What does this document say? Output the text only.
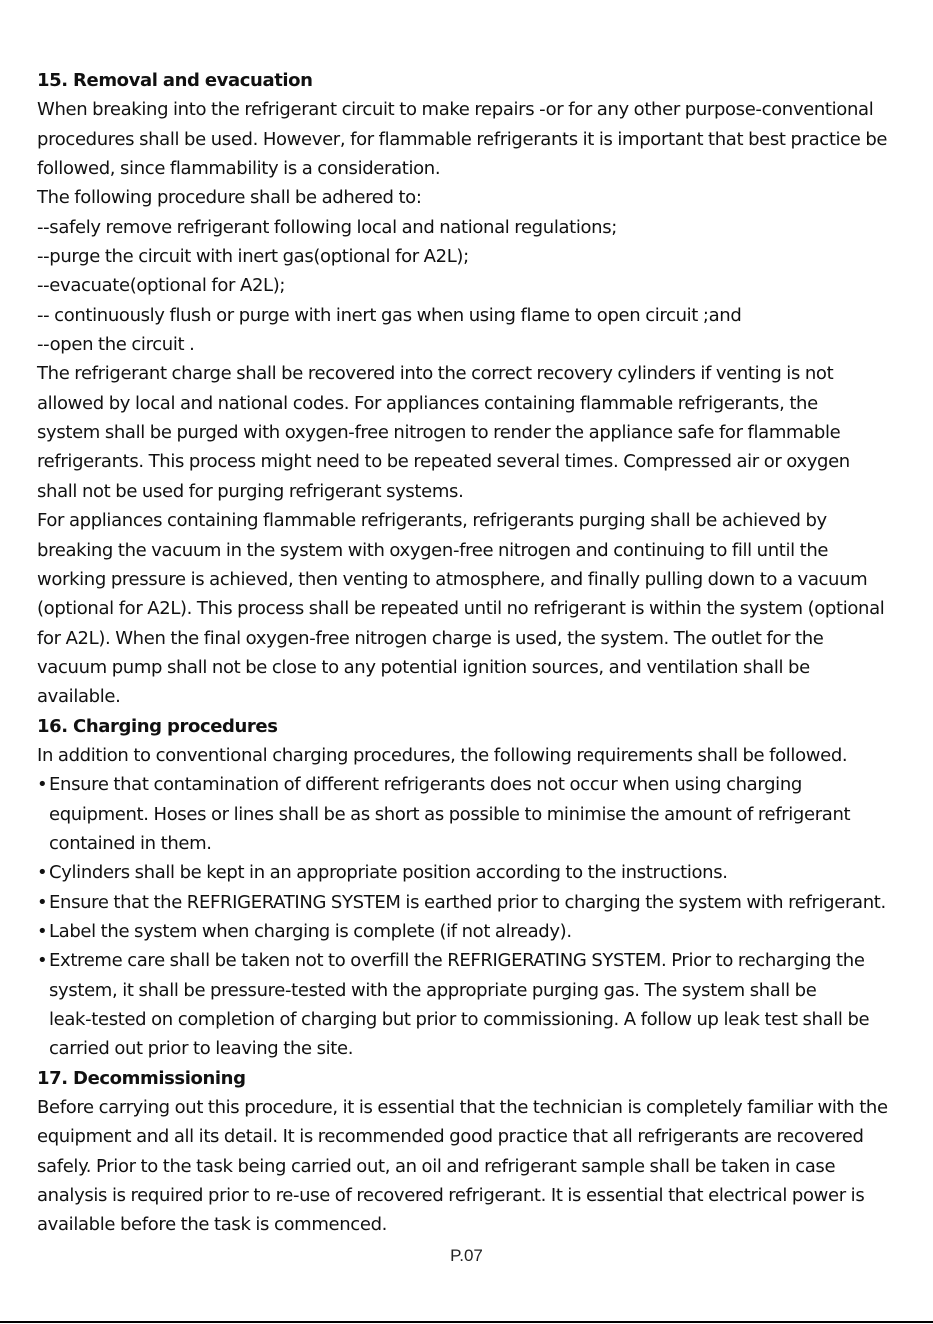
15. Removal and evacuation
When breaking into the refrigerant circuit to make repairs -or for any other purpose-conventional
procedures shall be used. However, for flammable refrigerants it is important that best practice be
followed, since flammability is a consideration.
The following procedure shall be adhered to:
--safely remove refrigerant following local and national regulations;
--purge the circuit with inert gas(optional for A2L);
--evacuate(optional for A2L);
-- continuously flush or purge with inert gas when using flame to open circuit ;and
--open the circuit .
The refrigerant charge shall be recovered into the correct recovery cylinders if venting is not
allowed by local and national codes. For appliances containing flammable refrigerants, the
system shall be purged with oxygen-free nitrogen to render the appliance safe for flammable
refrigerants. This process might need to be repeated several times. Compressed air or oxygen
shall not be used for purging refrigerant systems.
For appliances containing flammable refrigerants, refrigerants purging shall be achieved by
breaking the vacuum in the system with oxygen-free nitrogen and continuing to fill until the
working pressure is achieved, then venting to atmosphere, and finally pulling down to a vacuum
(optional for A2L). This process shall be repeated until no refrigerant is within the system (optional
for A2L). When the final oxygen-free nitrogen charge is used, the system. The outlet for the
vacuum pump shall not be close to any potential ignition sources, and ventilation shall be
available.
16. Charging procedures
In addition to conventional charging procedures, the following requirements shall be followed.
• Ensure that contamination of different refrigerants does not occur when using charging
equipment. Hoses or lines shall be as short as possible to minimise the amount of refrigerant
contained in them.
• Cylinders shall be kept in an appropriate position according to the instructions.
• Ensure that the REFRIGERATING SYSTEM is earthed prior to charging the system with refrigerant.
• Label the system when charging is complete (if not already).
• Extreme care shall be taken not to overfill the REFRIGERATING SYSTEM. Prior to recharging the
system, it shall be pressure-tested with the appropriate purging gas. The system shall be
leak-tested on completion of charging but prior to commissioning. A follow up leak test shall be
carried out prior to leaving the site.
17. Decommissioning
Before carrying out this procedure, it is essential that the technician is completely familiar with the
equipment and all its detail. It is recommended good practice that all refrigerants are recovered
safely. Prior to the task being carried out, an oil and refrigerant sample shall be taken in case
analysis is required prior to re-use of recovered refrigerant. It is essential that electrical power is
available before the task is commenced.
P.07
